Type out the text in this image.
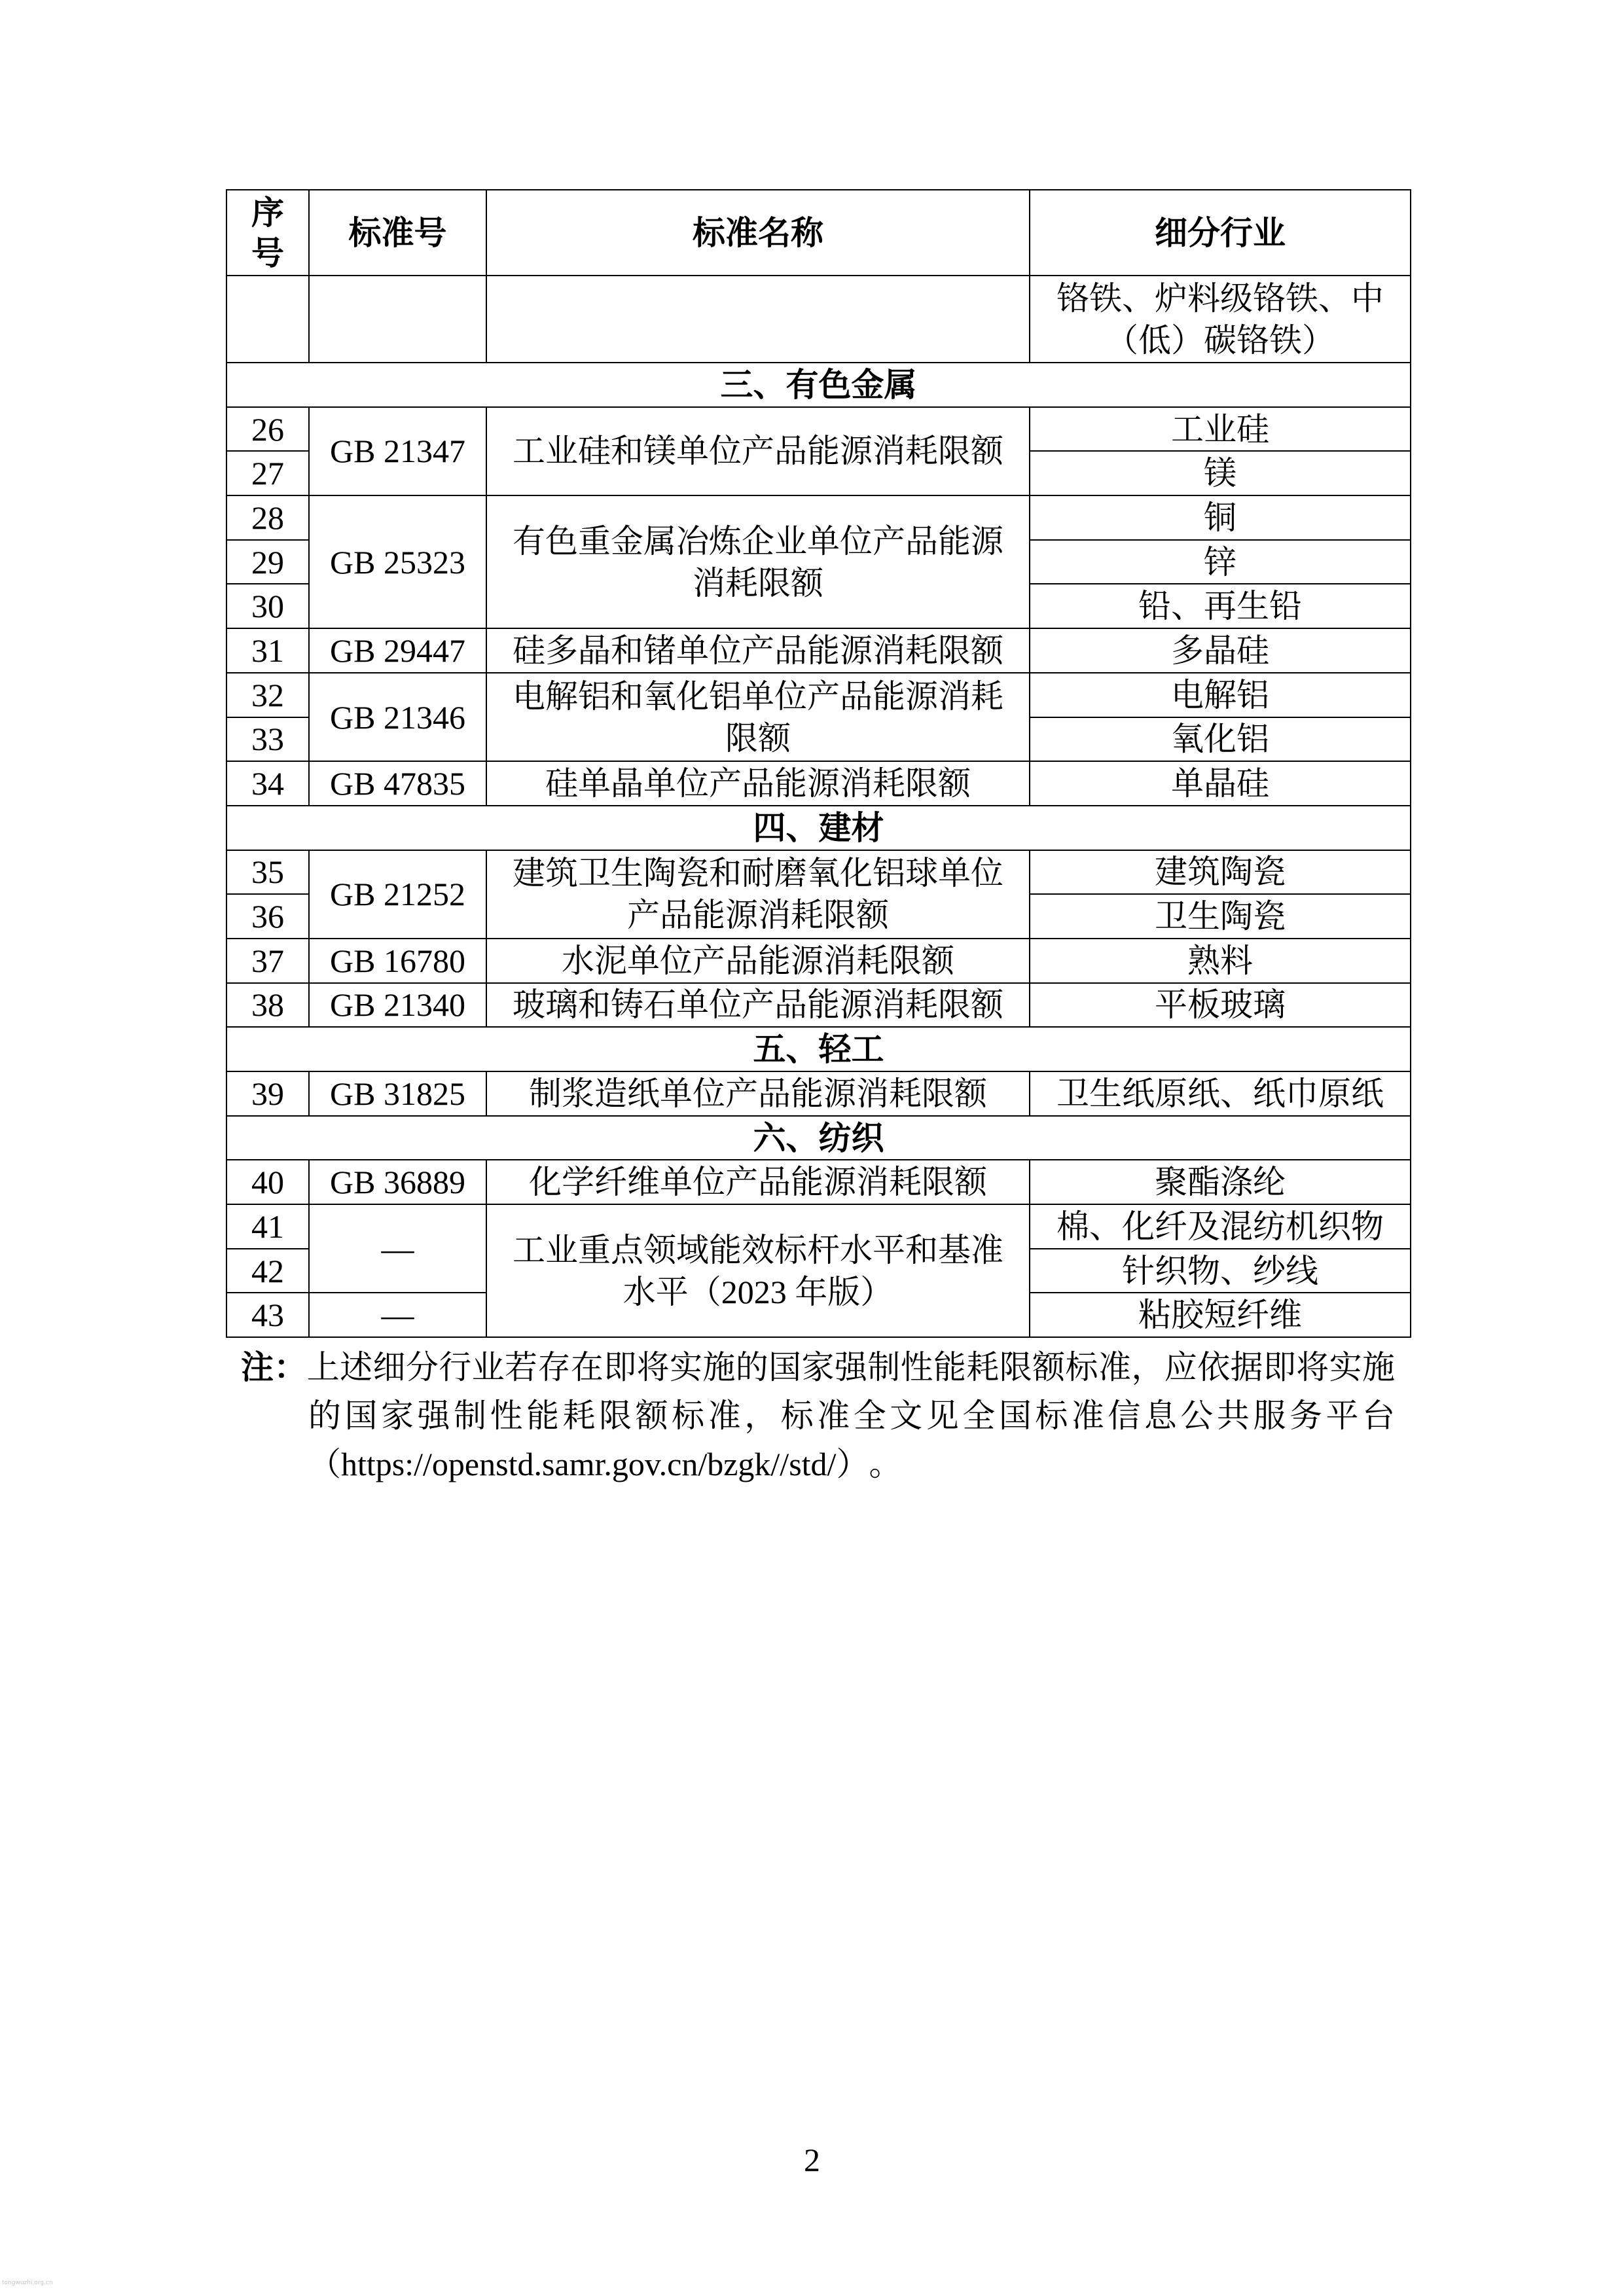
序号	标准号	标准名称	细分行业
			铬铁、炉料级铬铁、中（低）碳铬铁）
三、有色金属			
26	GB 21347	工业硅和镁单位产品能源消耗限额	工业硅
27			镁
28	GB 25323	有色重金属冶炼企业单位产品能源消耗限额	铜
29			锌
30			铅、再生铅
31	GB 29447	硅多晶和锗单位产品能源消耗限额	多晶硅
32	GB 21346	电解铝和氧化铝单位产品能源消耗限额	电解铝
33			氧化铝
34	GB 47835	硅单晶单位产品能源消耗限额	单晶硅
四、建材			
35	GB 21252	建筑卫生陶瓷和耐磨氧化铝球单位产品能源消耗限额	建筑陶瓷
36			卫生陶瓷
37	GB 16780	水泥单位产品能源消耗限额	熟料
38	GB 21340	玻璃和铸石单位产品能源消耗限额	平板玻璃
五、轻工			
39	GB 31825	制浆造纸单位产品能源消耗限额	卫生纸原纸、纸巾原纸
六、纺织			
40	GB 36889	化学纤维单位产品能源消耗限额	聚酯涤纶
41	—	工业重点领域能效标杆水平和基准水平（2023 年版）	棉、化纤及混纺机织物
42			针织物、纱线
43	—		粘胶短纤维

注：上述细分行业若存在即将实施的国家强制性能耗限额标准，应依据即将实施的国家强制性能耗限额标准，标准全文见全国标准信息公共服务平台（https://openstd.samr.gov.cn/bzgk//std/）。

2
tongwuzhi.org.cn
